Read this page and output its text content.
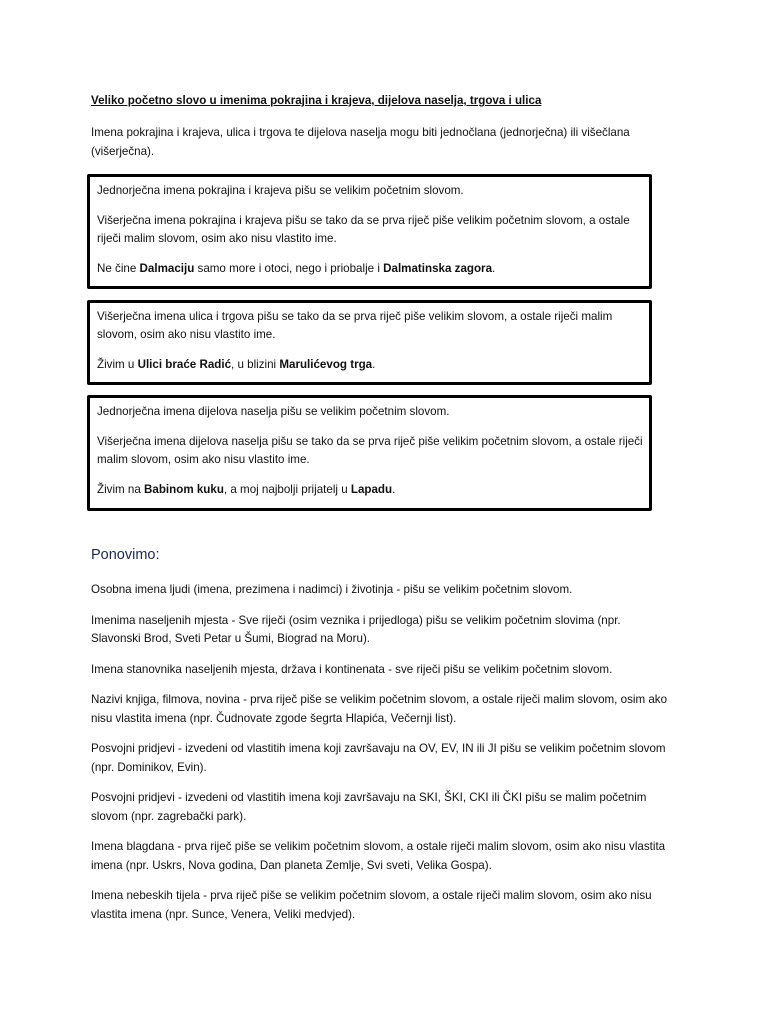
Veliko početno slovo u imenima pokrajina i krajeva, dijelova naselja, trgova i ulica
Imena pokrajina i krajeva, ulica i trgova te dijelova naselja mogu biti jednočlana (jednorječna) ili višečlana (višerječna).

Jednorječna imena pokrajina i krajeva pišu se velikim početnim slovom.

Višerječna imena pokrajina i krajeva pišu se tako da se prva riječ piše velikim početnim slovom, a ostale riječi malim slovom, osim ako nisu vlastito ime.

Ne čine Dalmaciju samo more i otoci, nego i priobalje i Dalmatinska zagora.

Višerječna imena ulica i trgova pišu se tako da se prva riječ piše velikim slovom, a ostale riječi malim slovom, osim ako nisu vlastito ime.

Živim u Ulici braće Radić, u blizini Marulićevog trga.

Jednorječna imena dijelova naselja pišu se velikim početnim slovom.

Višerječna imena dijelova naselja pišu se tako da se prva riječ piše velikim početnim slovom, a ostale riječi malim slovom, osim ako nisu vlastito ime.

Živim na Babinom kuku, a moj najbolji prijatelj u Lapadu.

Ponovimo:

Osobna imena ljudi (imena, prezimena i nadimci) i životinja - pišu se velikim početnim slovom.

Imenima naseljenih mjesta - Sve riječi (osim veznika i prijedloga) pišu se velikim početnim slovima (npr. Slavonski Brod, Sveti Petar u Šumi, Biograd na Moru).

Imena stanovnika naseljenih mjesta, država i kontinenata - sve riječi pišu se velikim početnim slovom.

Nazivi knjiga, filmova, novina - prva riječ piše se velikim početnim slovom, a ostale riječi malim slovom, osim ako nisu vlastita imena (npr. Čudnovate zgode šegrta Hlapića, Večernji list).

Posvojni pridjevi - izvedeni od vlastitih imena koji završavaju na OV, EV, IN ili JI pišu se velikim početnim slovom (npr. Dominikov, Evin).

Posvojni pridjevi - izvedeni od vlastitih imena koji završavaju na SKI, ŠKI, CKI ili ČKI pišu se malim početnim slovom (npr. zagrebački park).

Imena blagdana - prva riječ piše se velikim početnim slovom, a ostale riječi malim slovom, osim ako nisu vlastita imena (npr. Uskrs, Nova godina, Dan planeta Zemlje, Svi sveti, Velika Gospa).

Imena nebeskih tijela - prva riječ piše se velikim početnim slovom, a ostale riječi malim slovom, osim ako nisu vlastita imena (npr. Sunce, Venera, Veliki medvjed).
